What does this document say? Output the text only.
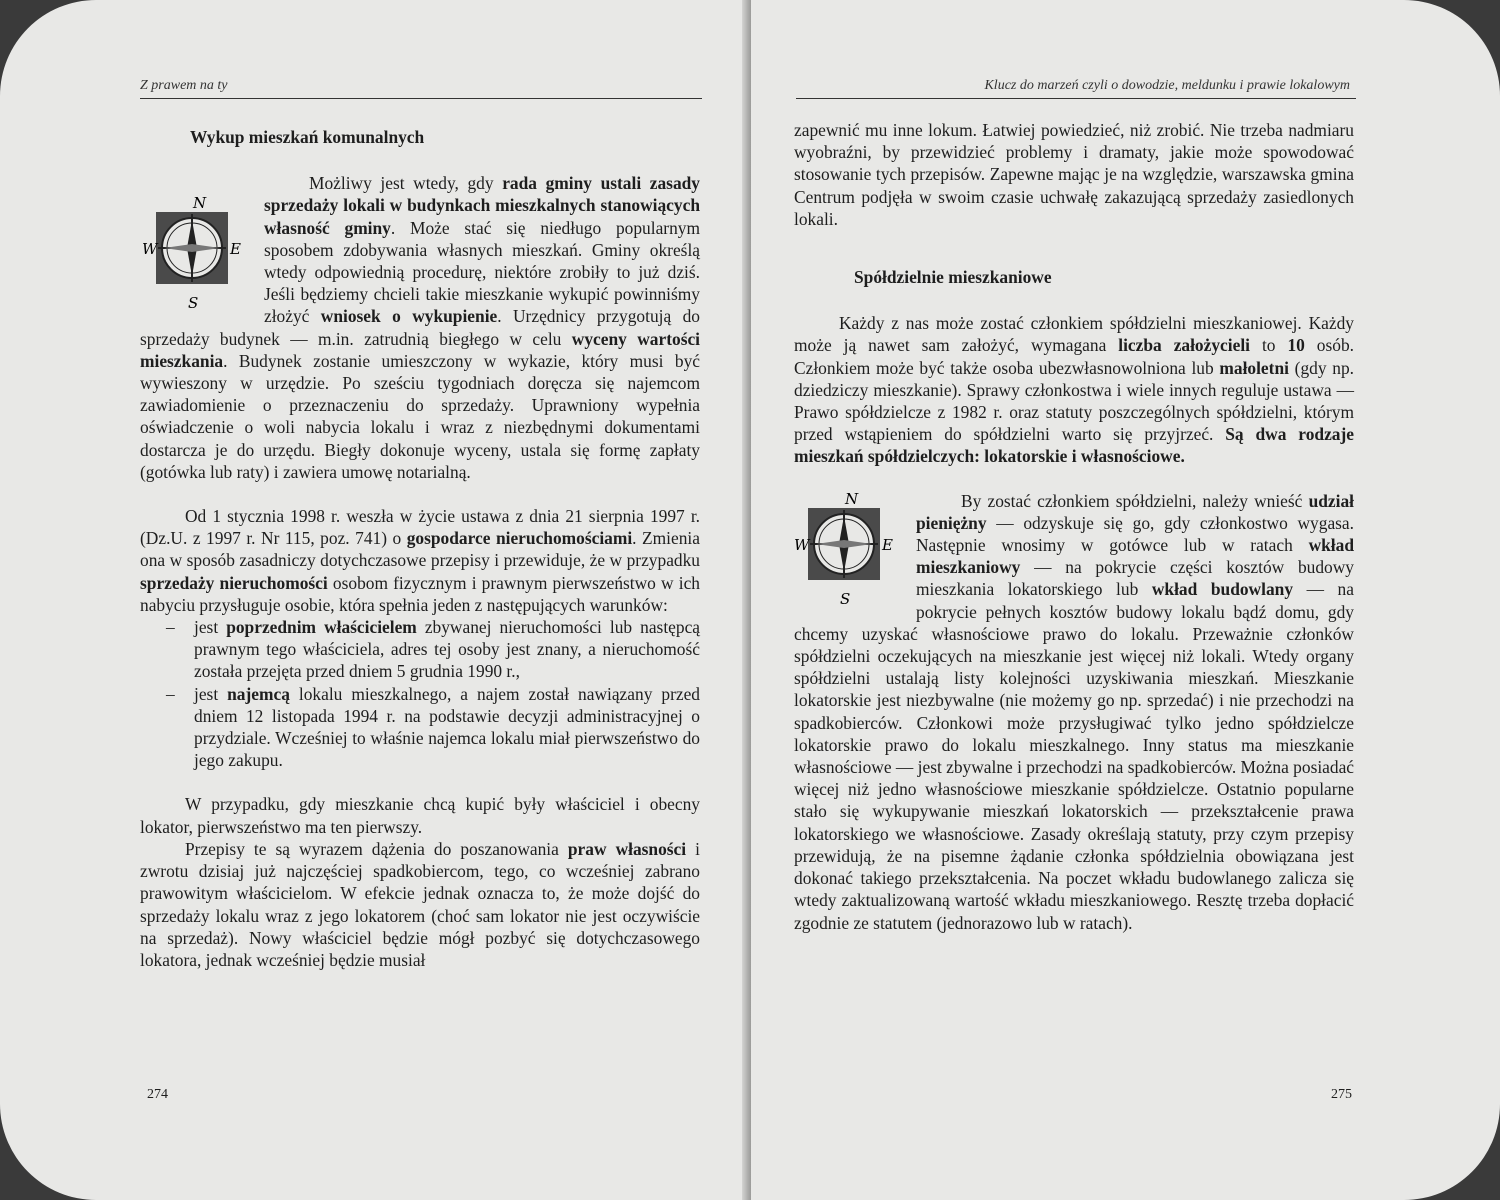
Z prawem na ty
Wykup mieszkań komunalnych
N
S
W	E

Możliwy jest wtedy, gdy rada gminy ustali zasady sprzedaży lokali w budynkach mieszkalnych stanowiących własność gminy. Może stać się niedługo popularnym sposobem zdobywania własnych mieszkań. Gminy określą wtedy odpowiednią procedurę, niektóre zrobiły to już dziś. Jeśli będziemy chcieli takie mieszkanie wykupić powinniśmy złożyć wniosek o wykupienie. Urzędnicy przygotują do sprzedaży budynek — m.in. zatrudnią biegłego w celu wyceny wartości mieszkania. Budynek zostanie umieszczony w wykazie, który musi być wywieszony w urzędzie. Po sześciu tygodniach doręcza się najemcom zawiadomienie o przeznaczeniu do sprzedaży. Uprawniony wypełnia oświadczenie o woli nabycia lokalu i wraz z niezbędnymi dokumentami dostarcza je do urzędu. Biegły dokonuje wyceny, ustala się formę zapłaty (gotówka lub raty) i zawiera umowę notarialną.

Od 1 stycznia 1998 r. weszła w życie ustawa z dnia 21 sierpnia 1997 r. (Dz.U. z 1997 r. Nr 115, poz. 741) o gospodarce nieruchomościami. Zmienia ona w sposób zasadniczy dotychczasowe przepisy i przewiduje, że w przypadku sprzedaży nieruchomości osobom fizycznym i prawnym pierwszeństwo w ich nabyciu przysługuje osobie, która spełnia jeden z następujących warunków:

– jest poprzednim właścicielem zbywanej nieruchomości lub następcą prawnym tego właściciela, adres tej osoby jest znany, a nieruchomość została przejęta przed dniem 5 grudnia 1990 r.,
– jest najemcą lokalu mieszkalnego, a najem został nawiązany przed dniem 12 listopada 1994 r. na podstawie decyzji administracyjnej o przydziale. Wcześniej to właśnie najemca lokalu miał pierwszeństwo do jego zakupu.

W przypadku, gdy mieszkanie chcą kupić były właściciel i obecny lokator, pierwszeństwo ma ten pierwszy.

Przepisy te są wyrazem dążenia do poszanowania praw własności i zwrotu dzisiaj już najczęściej spadkobiercom, tego, co wcześniej zabrano prawowitym właścicielom. W efekcie jednak oznacza to, że może dojść do sprzedaży lokalu wraz z jego lokatorem (choć sam lokator nie jest oczywiście na sprzedaż). Nowy właściciel będzie mógł pozbyć się dotychczasowego lokatora, jednak wcześniej będzie musiał

274
Klucz do marzeń czyli o dowodzie, meldunku i prawie lokalowym

zapewnić mu inne lokum. Łatwiej powiedzieć, niż zrobić. Nie trzeba nadmiaru wyobraźni, by przewidzieć problemy i dramaty, jakie może spowodować stosowanie tych przepisów. Zapewne mając je na względzie, warszawska gmina Centrum podjęła w swoim czasie uchwałę zakazującą sprzedaży zasiedlonych lokali.

Spółdzielnie mieszkaniowe

Każdy z nas może zostać członkiem spółdzielni mieszkaniowej. Każdy może ją nawet sam założyć, wymagana liczba założycieli to 10 osób. Członkiem może być także osoba ubezwłasnowolniona lub małoletni (gdy np. dziedziczy mieszkanie). Sprawy członkostwa i wiele innych reguluje ustawa — Prawo spółdzielcze z 1982 r. oraz statuty poszczególnych spółdzielni, którym przed wstąpieniem do spółdzielni warto się przyjrzeć. Są dwa rodzaje mieszkań spółdzielczych: lokatorskie i własnościowe.

N
S
W	E

By zostać członkiem spółdzielni, należy wnieść udział pieniężny — odzyskuje się go, gdy członkostwo wygasa. Następnie wnosimy w gotówce lub w ratach wkład mieszkaniowy — na pokrycie części kosztów budowy mieszkania lokatorskiego lub wkład budowlany — na pokrycie pełnych kosztów budowy lokalu bądź domu, gdy chcemy uzyskać własnościowe prawo do lokalu. Przeważnie członków spółdzielni oczekujących na mieszkanie jest więcej niż lokali. Wtedy organy spółdzielni ustalają listy kolejności uzyskiwania mieszkań. Mieszkanie lokatorskie jest niezbywalne (nie możemy go np. sprzedać) i nie przechodzi na spadkobierców. Członkowi może przysługiwać tylko jedno spółdzielcze lokatorskie prawo do lokalu mieszkalnego. Inny status ma mieszkanie własnościowe — jest zbywalne i przechodzi na spadkobierców. Można posiadać więcej niż jedno własnościowe mieszkanie spółdzielcze. Ostatnio popularne stało się wykupywanie mieszkań lokatorskich — przekształcenie prawa lokatorskiego we własnościowe. Zasady określają statuty, przy czym przepisy przewidują, że na pisemne żądanie członka spółdzielnia obowiązana jest dokonać takiego przekształcenia. Na poczet wkładu budowlanego zalicza się wtedy zaktualizowaną wartość wkładu mieszkaniowego. Resztę trzeba dopłacić zgodnie ze statutem (jednorazowo lub w ratach).

275
